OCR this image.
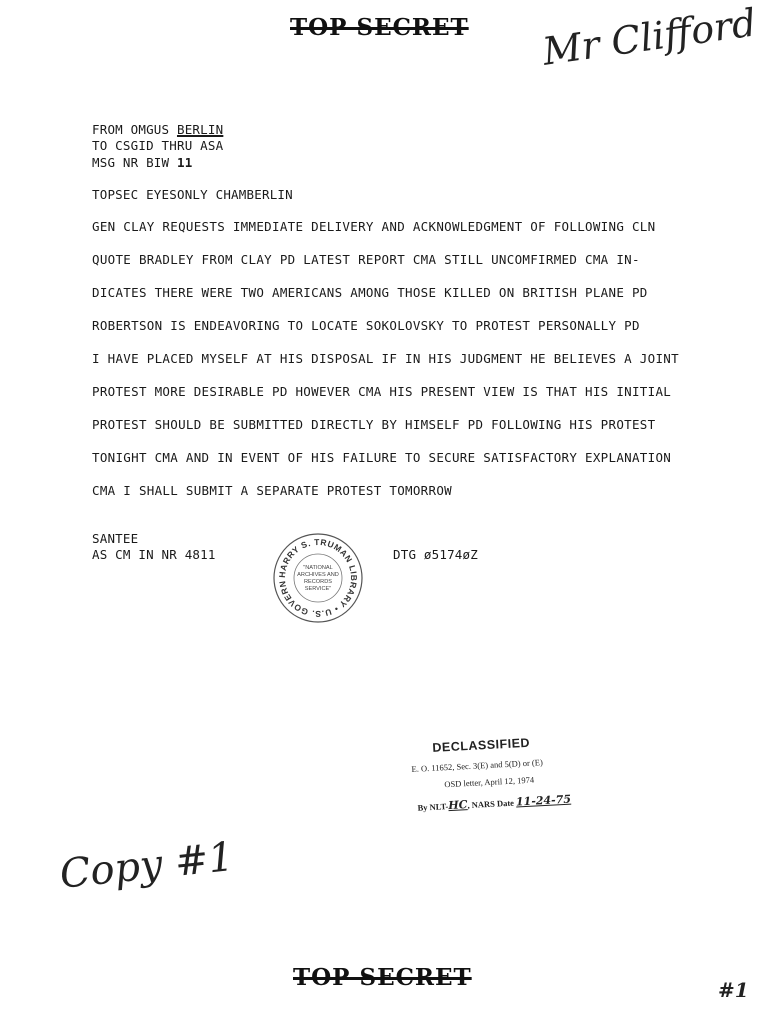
TOP SECRET Mr Clifford
FROM OMGUS BERLIN
TO CSGID THRU ASA
MSG NR BIW 11
TOPSEC EYESONLY CHAMBERLIN
GEN CLAY REQUESTS IMMEDIATE DELIVERY AND ACKNOWLEDGMENT OF FOLLOWING CLN
QUOTE BRADLEY FROM CLAY PD LATEST REPORT CMA STILL UNCOMFIRMED CMA IN-
DICATES THERE WERE TWO AMERICANS AMONG THOSE KILLED ON BRITISH PLANE PD
ROBERTSON IS ENDEAVORING TO LOCATE SOKOLOVSKY TO PROTEST PERSONALLY PD
I HAVE PLACED MYSELF AT HIS DISPOSAL IF IN HIS JUDGMENT HE BELIEVES A JOINT
PROTEST MORE DESIRABLE PD HOWEVER CMA HIS PRESENT VIEW IS THAT HIS INITIAL
PROTEST SHOULD BE SUBMITTED DIRECTLY BY HIMSELF PD FOLLOWING HIS PROTEST
TONIGHT CMA AND IN EVENT OF HIS FAILURE TO SECURE SATISFACTORY EXPLANATION
CMA I SHALL SUBMIT A SEPARATE PROTEST TOMORROW
SANTEE
AS CM IN NR 4811	DTG ø5174øZ
HARRY S. TRUMAN LIBRARY • U.S. GOVERN
"NATIONAL
ARCHIVES AND
RECORDS
SERVICE"
DECLASSIFIED
E. O. 11652, Sec. 3(E) and 5(D) or (E)
OSD letter, April 12, 1974
By NLT-HC, NARS Date 11-24-75
Copy #1
TOP SECRET	#1
